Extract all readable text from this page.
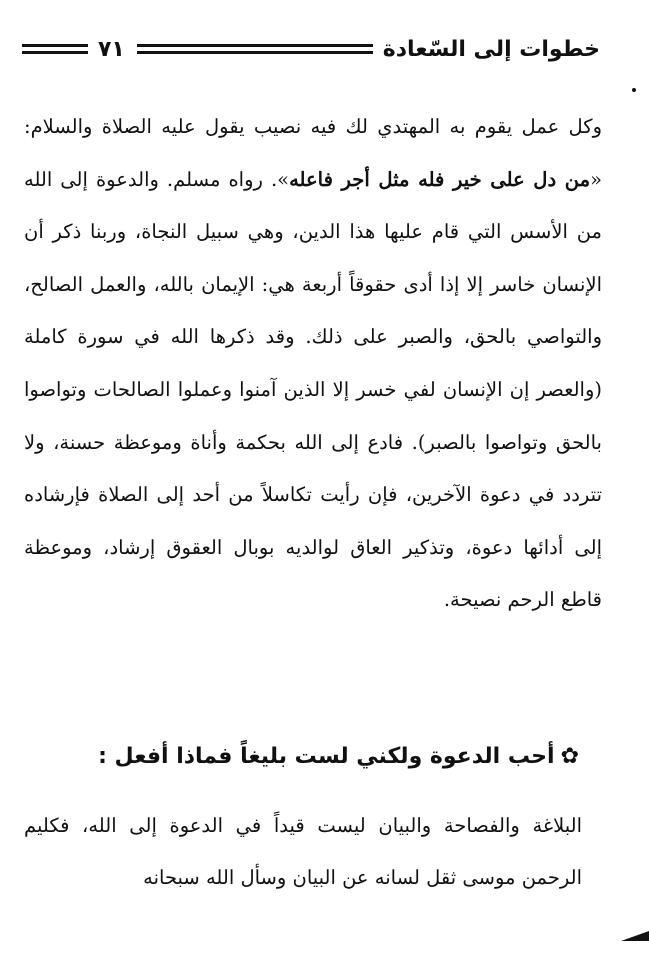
خطوات إلى السّعادة
٧١

وكل عمل يقوم به المهتدي لك فيه نصيب يقول عليه الصلاة والسلام: «من دل على خير فله مثل أجر فاعله». رواه مسلم. والدعوة إلى الله من الأسس التي قام عليها هذا الدين، وهي سبيل النجاة، وربنا ذكر أن الإنسان خاسر إلا إذا أدى حقوقاً أربعة هي: الإيمان بالله، والعمل الصالح، والتواصي بالحق، والصبر على ذلك. وقد ذكرها الله في سورة كاملة (والعصر إن الإنسان لفي خسر إلا الذين آمنوا وعملوا الصالحات وتواصوا بالحق وتواصوا بالصبر). فادع إلى الله بحكمة وأناة وموعظة حسنة، ولا تتردد في دعوة الآخرين، فإن رأيت تكاسلاً من أحد إلى الصلاة فإرشاده إلى أدائها دعوة، وتذكير العاق لوالديه بوبال العقوق إرشاد، وموعظة قاطع الرحم نصيحة.

✿أحب الدعوة ولكني لست بليغاً فماذا أفعل :

البلاغة والفصاحة والبيان ليست قيداً في الدعوة إلى الله، فكليم الرحمن موسى ثقل لسانه عن البيان وسأل الله سبحانه
